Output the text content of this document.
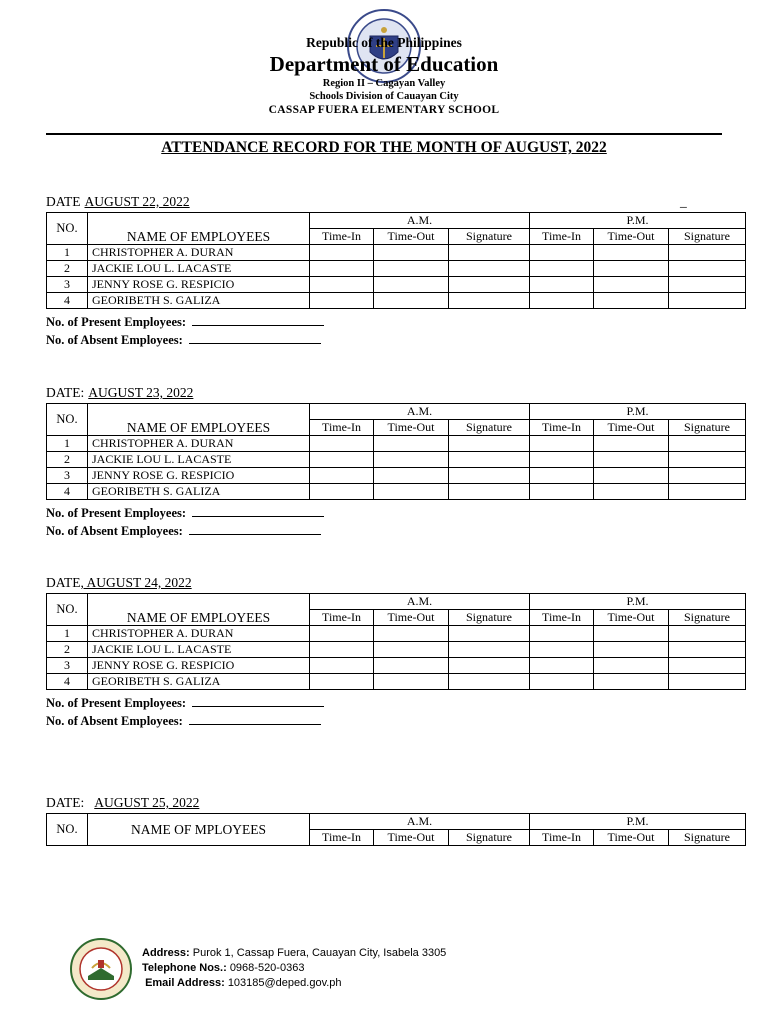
Republic of the Philippines
Department of Education
Region II – Cagayan Valley
Schools Division of Cauayan City
CASSAP FUERA ELEMENTARY SCHOOL
ATTENDANCE RECORD FOR THE MONTH OF AUGUST, 2022
DATEAUGUST 22, 2022	_
NO.	NAME OF EMPLOYEES	A.M.			P.M.		
		Time-In	Time-Out	Signature	Time-In	Time-Out	Signature
1	CHRISTOPHER A. DURAN						
2	JACKIE LOU L. LACASTE						
3	JENNY ROSE G. RESPICIO						
4	GEORIBETH S. GALIZA						
No. of Present Employees:
No. of Absent Employees:
DATE: AUGUST 23, 2022
NO.	NAME OF EMPLOYEES	A.M.			P.M.		
		Time-In	Time-Out	Signature	Time-In	Time-Out	Signature
1	CHRISTOPHER A. DURAN						
2	JACKIE LOU L. LACASTE						
3	JENNY ROSE G. RESPICIO						
4	GEORIBETH S. GALIZA						
No. of Present Employees:
No. of Absent Employees:
DATE, AUGUST 24, 2022
NO.	NAME OF EMPLOYEES	A.M.			P.M.		
		Time-In	Time-Out	Signature	Time-In	Time-Out	Signature
1	CHRISTOPHER A. DURAN						
2	JACKIE LOU L. LACASTE						
3	JENNY ROSE G. RESPICIO						
4	GEORIBETH S. GALIZA						
No. of Present Employees:
No. of Absent Employees:
DATE: AUGUST 25, 2022
NO.	NAME OF MPLOYEES	A.M.			P.M.		
		Time-In	Time-Out	Signature	Time-In	Time-Out	Signature
Address: Purok 1, Cassap Fuera, Cauayan City, Isabela 3305
Telephone Nos.: 0968-520-0363
Email Address: 103185@deped.gov.ph
